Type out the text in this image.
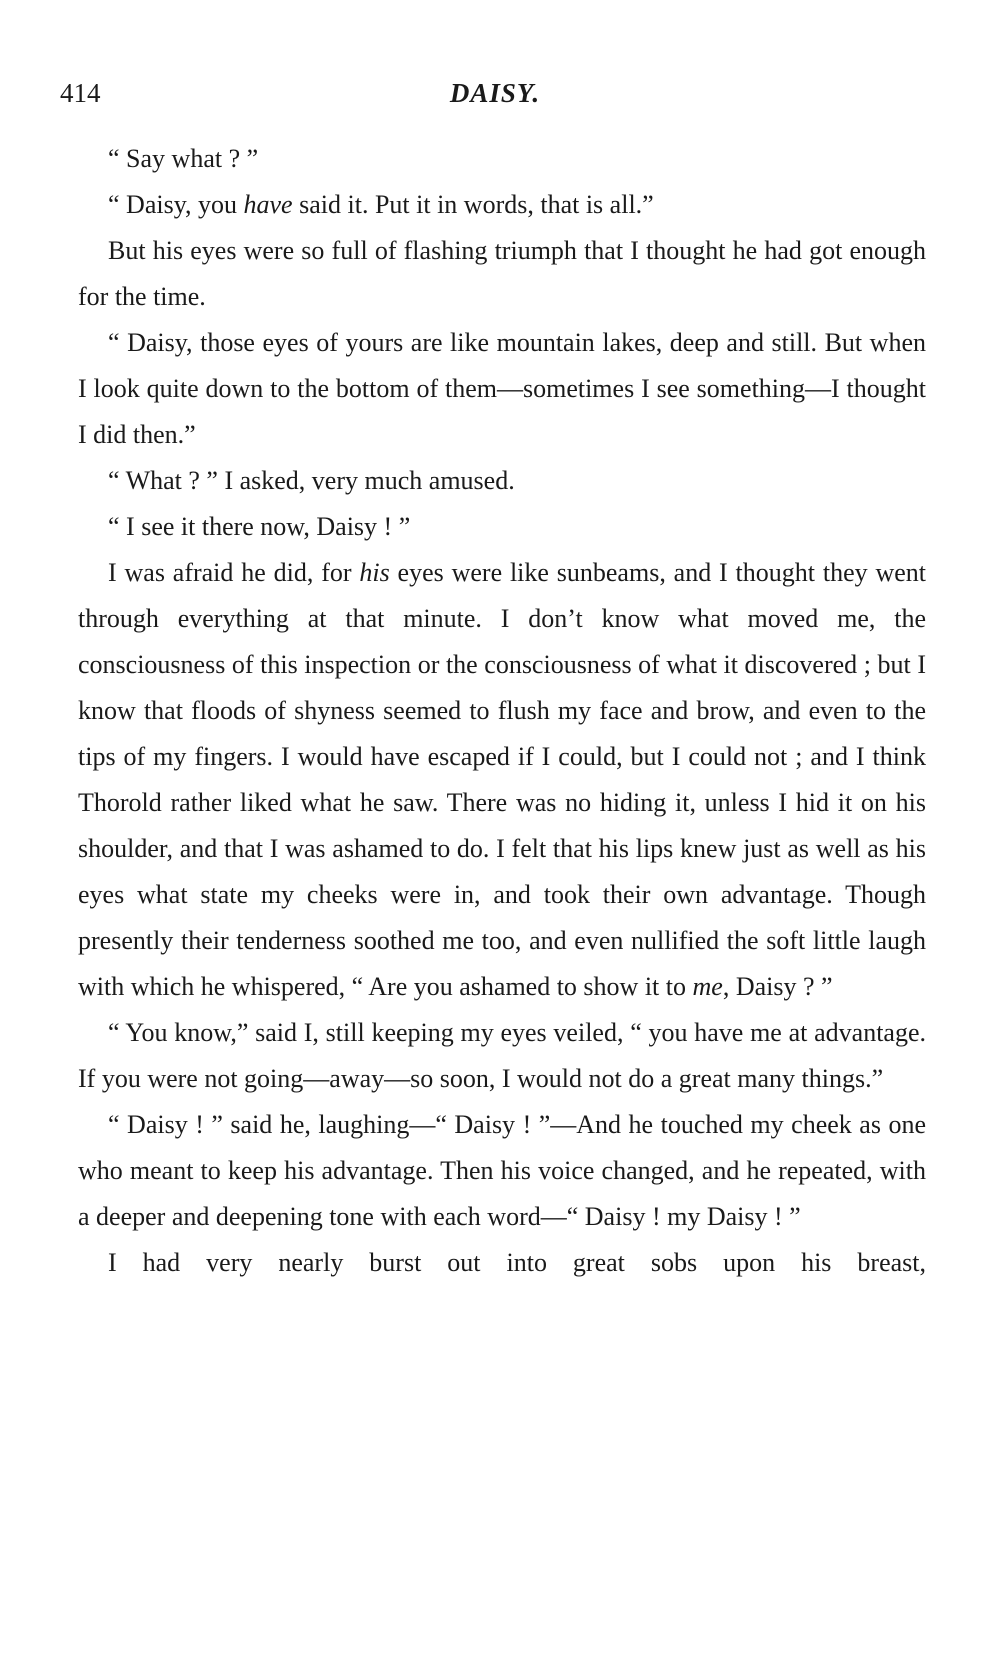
414	DAISY.

“ Say what ? ”

“ Daisy, you have said it. Put it in words, that is all.”

But his eyes were so full of flashing triumph that I thought he had got enough for the time.

“ Daisy, those eyes of yours are like mountain lakes, deep and still. But when I look quite down to the bottom of them—sometimes I see something—I thought I did then.”

“ What ? ” I asked, very much amused.

“ I see it there now, Daisy ! ”

I was afraid he did, for his eyes were like sunbeams, and I thought they went through everything at that minute. I don’t know what moved me, the consciousness of this inspection or the consciousness of what it discovered ; but I know that floods of shyness seemed to flush my face and brow, and even to the tips of my fingers. I would have escaped if I could, but I could not ; and I think Thorold rather liked what he saw. There was no hiding it, unless I hid it on his shoulder, and that I was ashamed to do. I felt that his lips knew just as well as his eyes what state my cheeks were in, and took their own advantage. Though presently their tenderness soothed me too, and even nullified the soft little laugh with which he whispered, “ Are you ashamed to show it to me, Daisy ? ”

“ You know,” said I, still keeping my eyes veiled, “ you have me at advantage. If you were not going—away—so soon, I would not do a great many things.”

“ Daisy ! ” said he, laughing—“ Daisy ! ”—And he touched my cheek as one who meant to keep his advantage. Then his voice changed, and he repeated, with a deeper and deepening tone with each word—“ Daisy ! my Daisy ! ”

I had very nearly burst out into great sobs upon his breast,
